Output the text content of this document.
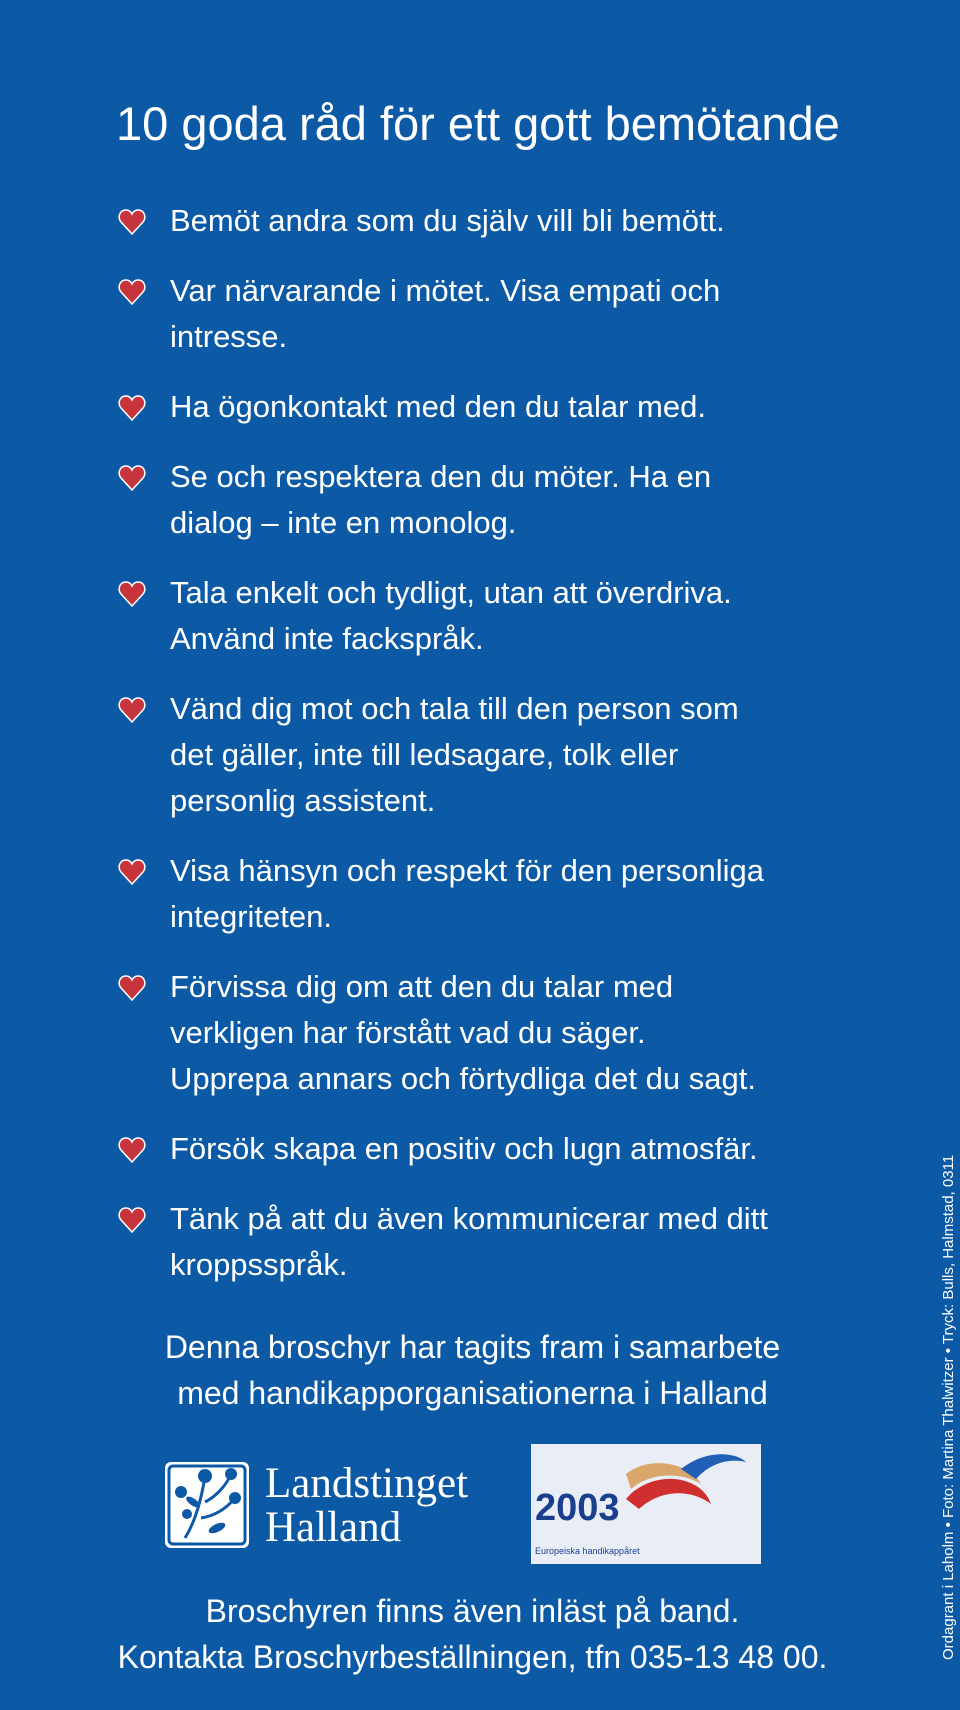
10 goda råd för ett gott bemötande
Bemöt andra som du själv vill bli bemött.
Var närvarande i mötet. Visa empati och
intresse.
Ha ögonkontakt med den du talar med.
Se och respektera den du möter. Ha en
dialog – inte en monolog.
Tala enkelt och tydligt, utan att överdriva.
Använd inte fackspråk.
Vänd dig mot och tala till den person som
det gäller, inte till ledsagare, tolk eller
personlig assistent.
Visa hänsyn och respekt för den personliga
integriteten.
Förvissa dig om att den du talar med
verkligen har förstått vad du säger.
Upprepa annars och förtydliga det du sagt.
Försök skapa en positiv och lugn atmosfär.
Tänk på att du även kommunicerar med ditt
kroppsspråk.
Denna broschyr har tagits fram i samarbete
med handikapporganisationerna i Halland
Landstinget
Halland	2003
Europeiska handikappåret
Broschyren finns även inläst på band.
Kontakta Broschyrbeställningen, tfn 035-13 48 00.	Ordagrant i Laholm • Foto: Martina Thalwitzer • Tryck: Bulls, Halmstad, 0311
